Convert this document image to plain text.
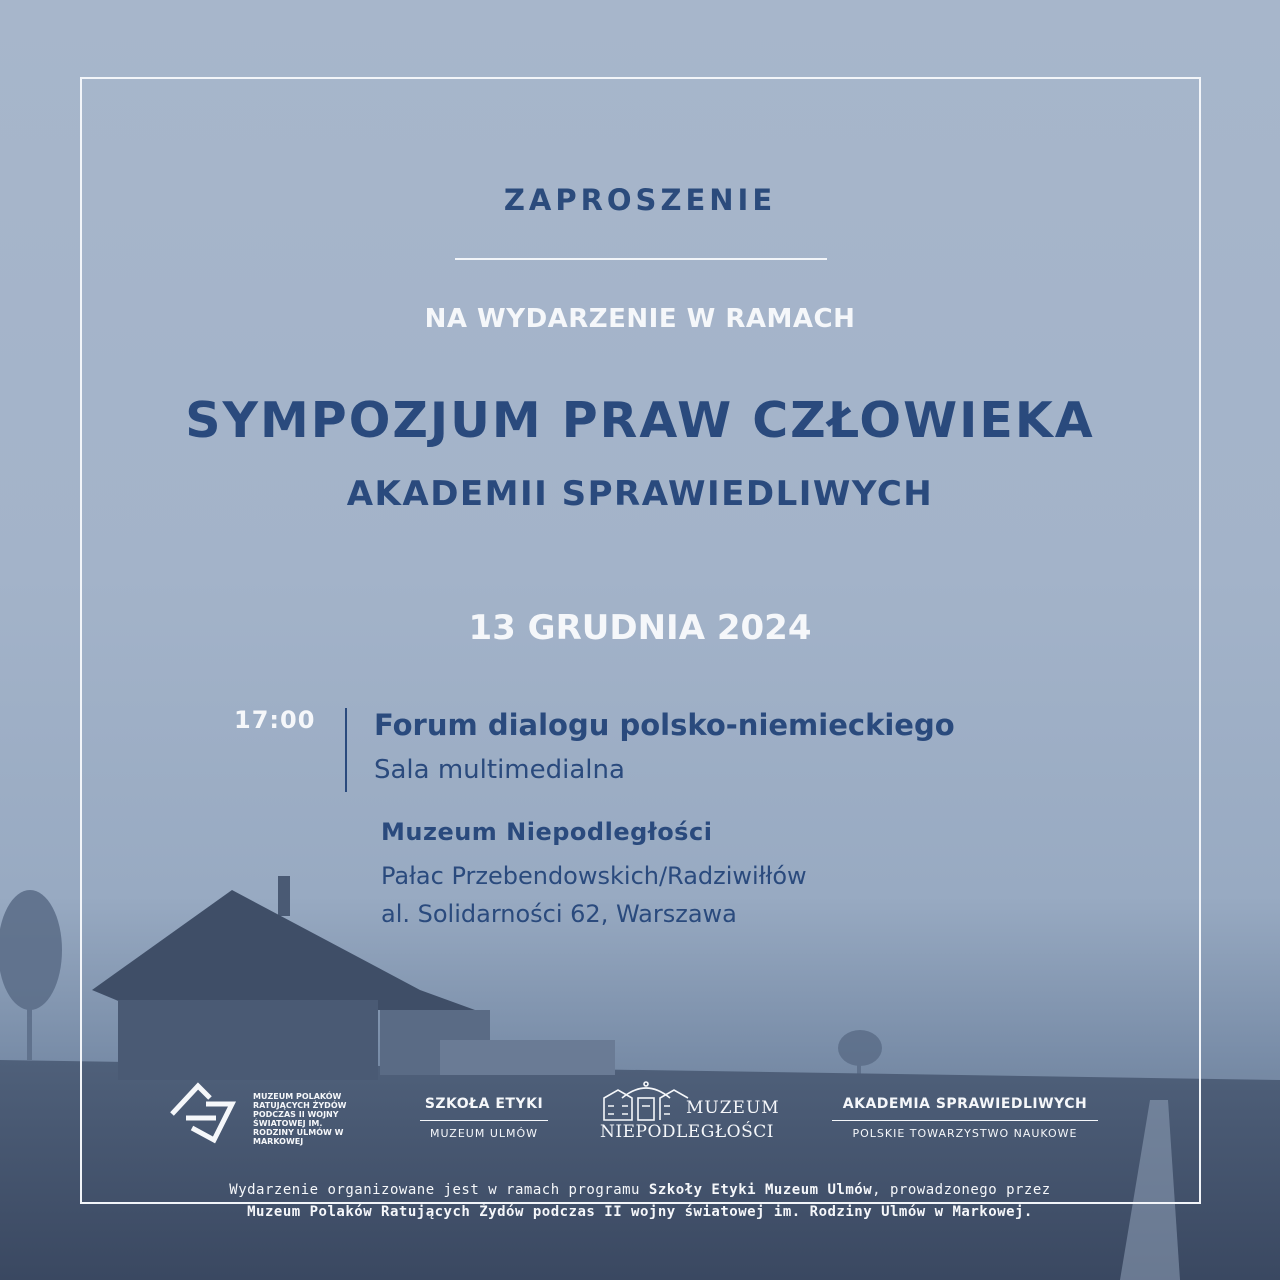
ZAPROSZENIE
NA WYDARZENIE W RAMACH
SYMPOZJUM PRAW CZŁOWIEKA
AKADEMII SPRAWIEDLIWYCH
13 GRUDNIA 2024
17:00 Forum dialogu polsko-niemieckiego
Sala multimedialna
Muzeum Niepodległości
Pałac Przebendowskich/Radziwiłłów
al. Solidarności 62, Warszawa
MUZEUM POLAKÓW RATUJĄCYCH ŻYDÓW PODCZAS II WOJNY ŚWIATOWEJ IM. RODZINY ULMÓW W MARKOWEJ
SZKOŁA ETYKI
MUZEUM ULMÓW
MUZEUM
NIEPODLEGŁOŚCI
AKADEMIA SPRAWIEDLIWYCH
POLSKIE TOWARZYSTWO NAUKOWE
Wydarzenie organizowane jest w ramach programu Szkoły Etyki Muzeum Ulmów, prowadzonego przez
Muzeum Polaków Ratujących Żydów podczas II wojny światowej im. Rodziny Ulmów w Markowej.
